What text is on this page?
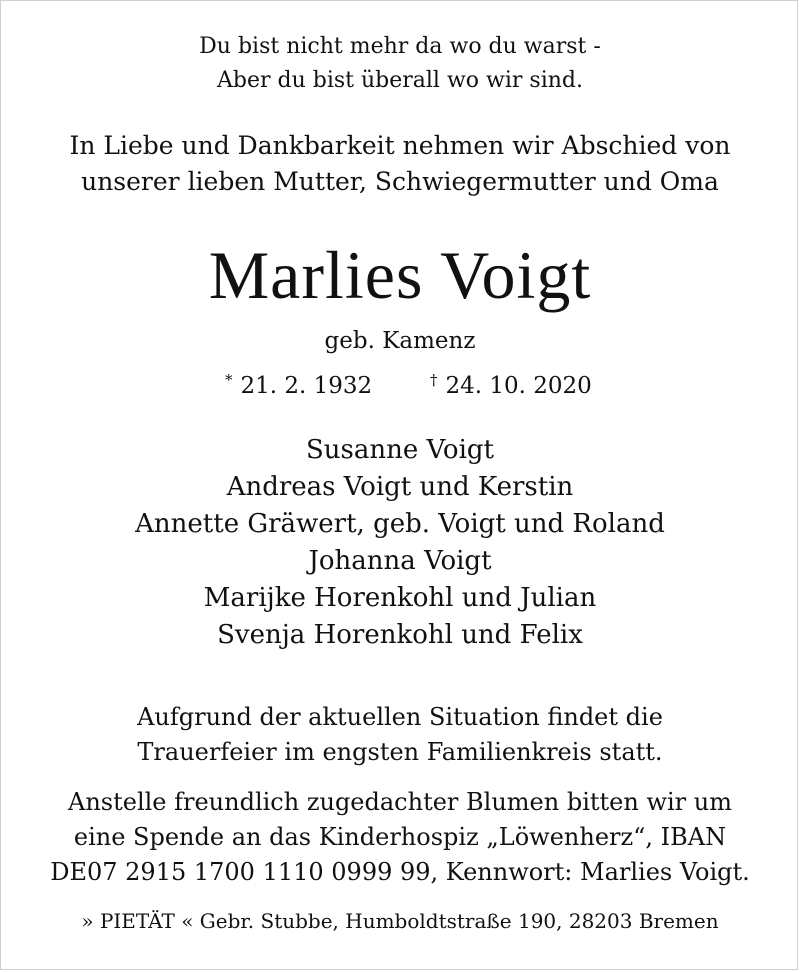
Du bist nicht mehr da wo du warst -
Aber du bist überall wo wir sind.
In Liebe und Dankbarkeit nehmen wir Abschied von
unserer lieben Mutter, Schwiegermutter und Oma
Marlies Voigt
geb. Kamenz
* 21. 2. 1932	† 24. 10. 2020
Susanne Voigt
Andreas Voigt und Kerstin
Annette Gräwert, geb. Voigt und Roland
Johanna Voigt
Marijke Horenkohl und Julian
Svenja Horenkohl und Felix
Aufgrund der aktuellen Situation findet die
Trauerfeier im engsten Familienkreis statt.
Anstelle freundlich zugedachter Blumen bitten wir um
eine Spende an das Kinderhospiz „Löwenherz“, IBAN
DE07 2915 1700 1110 0999 99, Kennwort: Marlies Voigt.
» PIETÄT « Gebr. Stubbe, Humboldtstraße 190, 28203 Bremen
